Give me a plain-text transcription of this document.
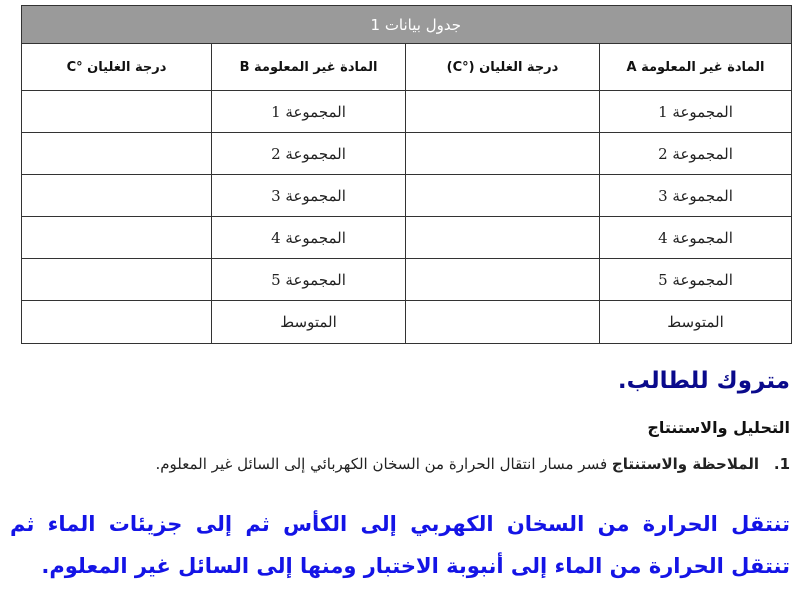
جدول بيانات 1			
المادة غير المعلومة A	درجة الغليان (°C)	المادة غير المعلومة B	درجة الغليان °C
المجموعة 1		المجموعة 1	
المجموعة 2		المجموعة 2	
المجموعة 3		المجموعة 3	
المجموعة 4		المجموعة 4	
المجموعة 5		المجموعة 5	
المتوسط		المتوسط	
متروك للطالب.
التحليل والاستنتاج
1. الملاحظة والاستنتاج فسر مسار انتقال الحرارة من السخان الكهربائي إلى السائل غير المعلوم.
تنتقل الحرارة من السخان الكهربي إلى الكأس ثم إلى جزيئات الماء ثم تنتقل الحرارة من الماء إلى أنبوبة الاختبار ومنها إلى السائل غير المعلوم.
